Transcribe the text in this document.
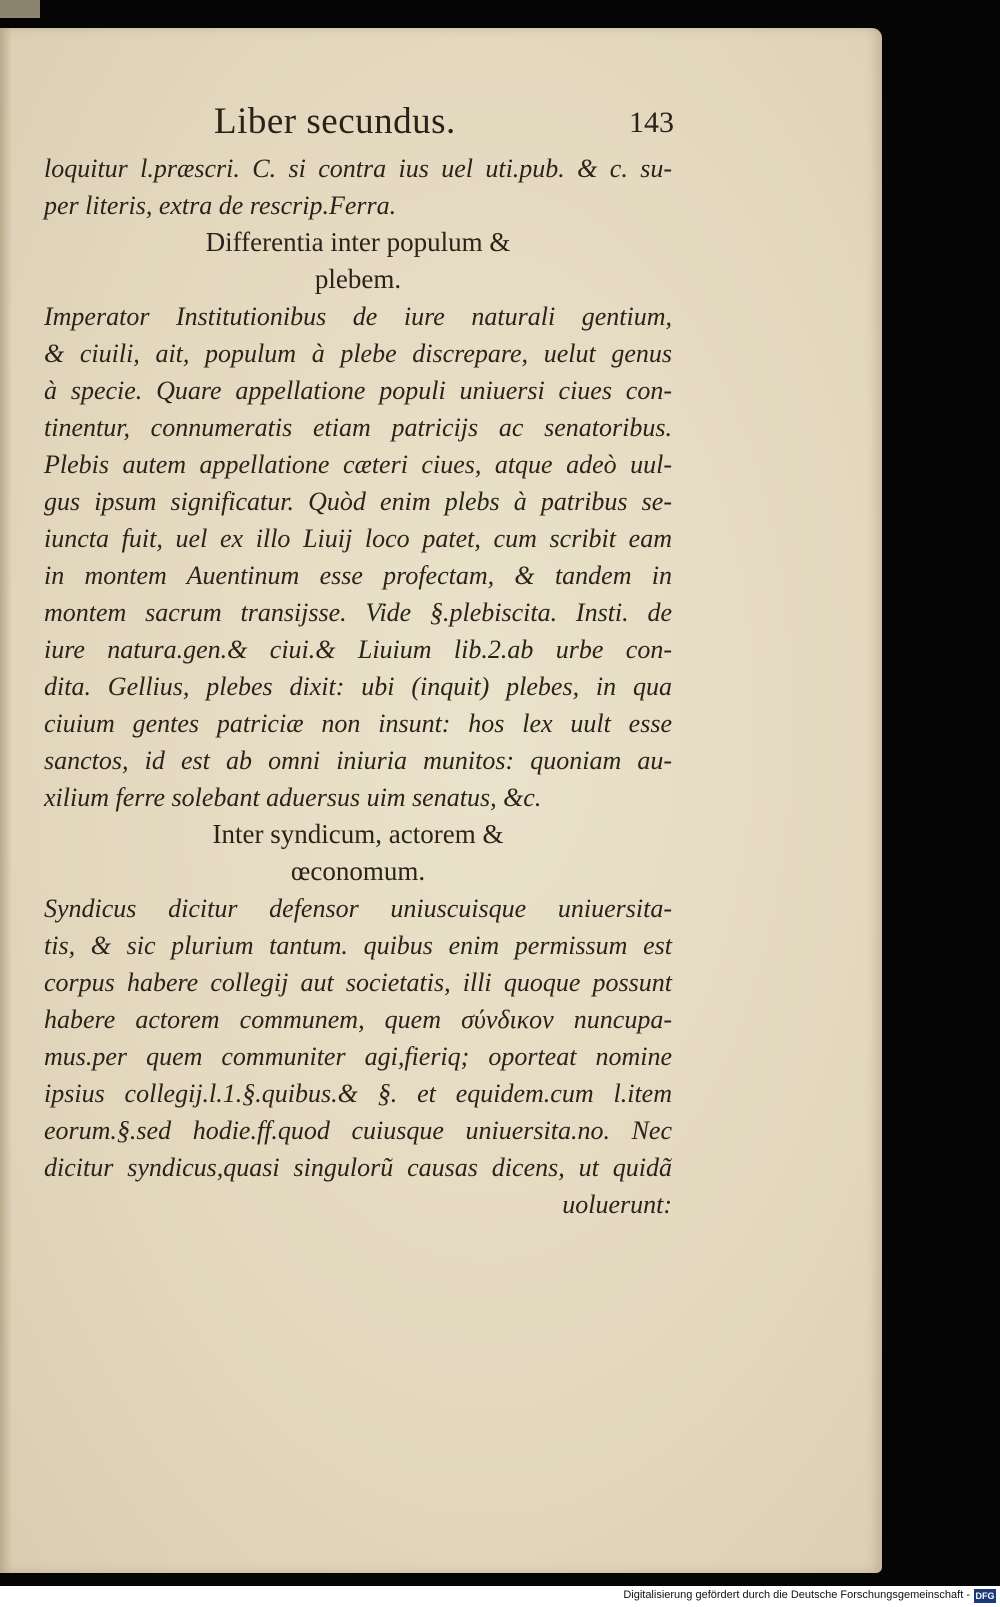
Liber secundus.	143
loquitur l.præscri. C. si contra ius uel uti.pub. & c. su-
per literis, extra de rescrip.Ferra.
Differentia inter populum &
plebem.
Imperator Institutionibus de iure naturali gentium,
& ciuili, ait, populum à plebe discrepare, uelut genus
à specie. Quare appellatione populi uniuersi ciues con-
tinentur, connumeratis etiam patricijs ac senatoribus.
Plebis autem appellatione cæteri ciues, atque adeò uul-
gus ipsum significatur. Quòd enim plebs à patribus se-
iuncta fuit, uel ex illo Liuij loco patet, cum scribit eam
in montem Auentinum esse profectam, & tandem in
montem sacrum transijsse. Vide §.plebiscita. Insti. de
iure natura.gen.& ciui.& Liuium lib.2.ab urbe con-
dita. Gellius, plebes dixit: ubi (inquit) plebes, in qua
ciuium gentes patriciæ non insunt: hos lex uult esse
sanctos, id est ab omni iniuria munitos: quoniam au-
xilium ferre solebant aduersus uim senatus, &c.
Inter syndicum, actorem &
œconomum.
Syndicus dicitur defensor uniuscuisque uniuersita-
tis, & sic plurium tantum. quibus enim permissum est
corpus habere collegij aut societatis, illi quoque possunt
habere actorem communem, quem σύνδικον nuncupa-
mus.per quem communiter agi,fieriq; oporteat nomine
ipsius collegij.l.1.§.quibus.& §. et equidem.cum l.item
eorum.§.sed hodie.ff.quod cuiusque uniuersita.no. Nec
dicitur syndicus,quasi singulorũ causas dicens, ut quidã
uoluerunt:
Digitalisierung gefördert durch die Deutsche Forschungsgemeinschaft - DFG
